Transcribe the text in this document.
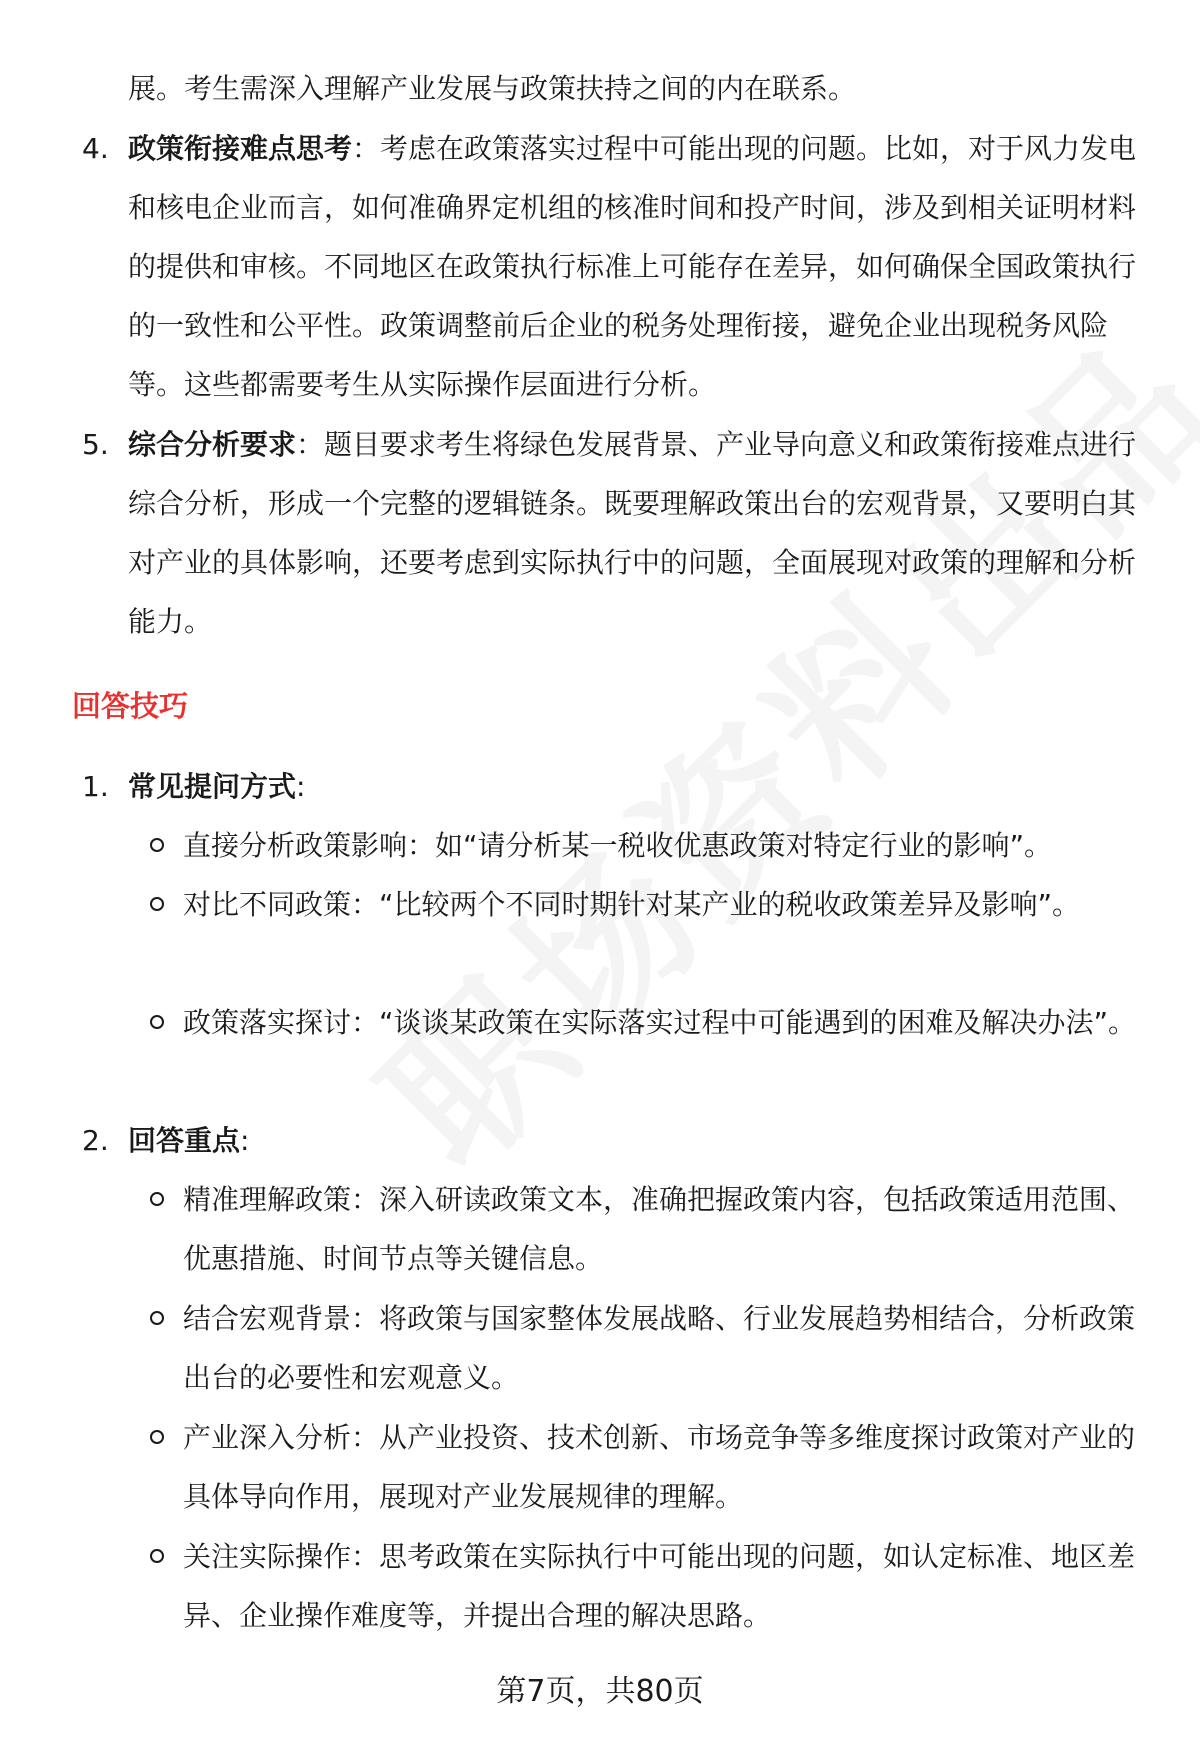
展。考生需深入理解产业发展与政策扶持之间的内在联系。
4. 政策衔接难点思考：考虑在政策落实过程中可能出现的问题。比如，对于风力发电和核电企业而言，如何准确界定机组的核准时间和投产时间，涉及到相关证明材料的提供和审核。不同地区在政策执行标准上可能存在差异，如何确保全国政策执行的一致性和公平性。政策调整前后企业的税务处理衔接，避免企业出现税务风险等。这些都需要考生从实际操作层面进行分析。
5. 综合分析要求：题目要求考生将绿色发展背景、产业导向意义和政策衔接难点进行综合分析，形成一个完整的逻辑链条。既要理解政策出台的宏观背景，又要明白其对产业的具体影响，还要考虑到实际执行中的问题，全面展现对政策的理解和分析能力。
回答技巧
1. 常见提问方式:
直接分析政策影响：如“请分析某一税收优惠政策对特定行业的影响”。
对比不同政策：“比较两个不同时期针对某产业的税收政策差异及影响”。
政策落实探讨：“谈谈某政策在实际落实过程中可能遇到的困难及解决办法”。
2. 回答重点:
精准理解政策：深入研读政策文本，准确把握政策内容，包括政策适用范围、优惠措施、时间节点等关键信息。
结合宏观背景：将政策与国家整体发展战略、行业发展趋势相结合，分析政策出台的必要性和宏观意义。
产业深入分析：从产业投资、技术创新、市场竞争等多维度探讨政策对产业的具体导向作用，展现对产业发展规律的理解。
关注实际操作：思考政策在实际执行中可能出现的问题，如认定标准、地区差异、企业操作难度等，并提出合理的解决思路。
第7页，共80页
